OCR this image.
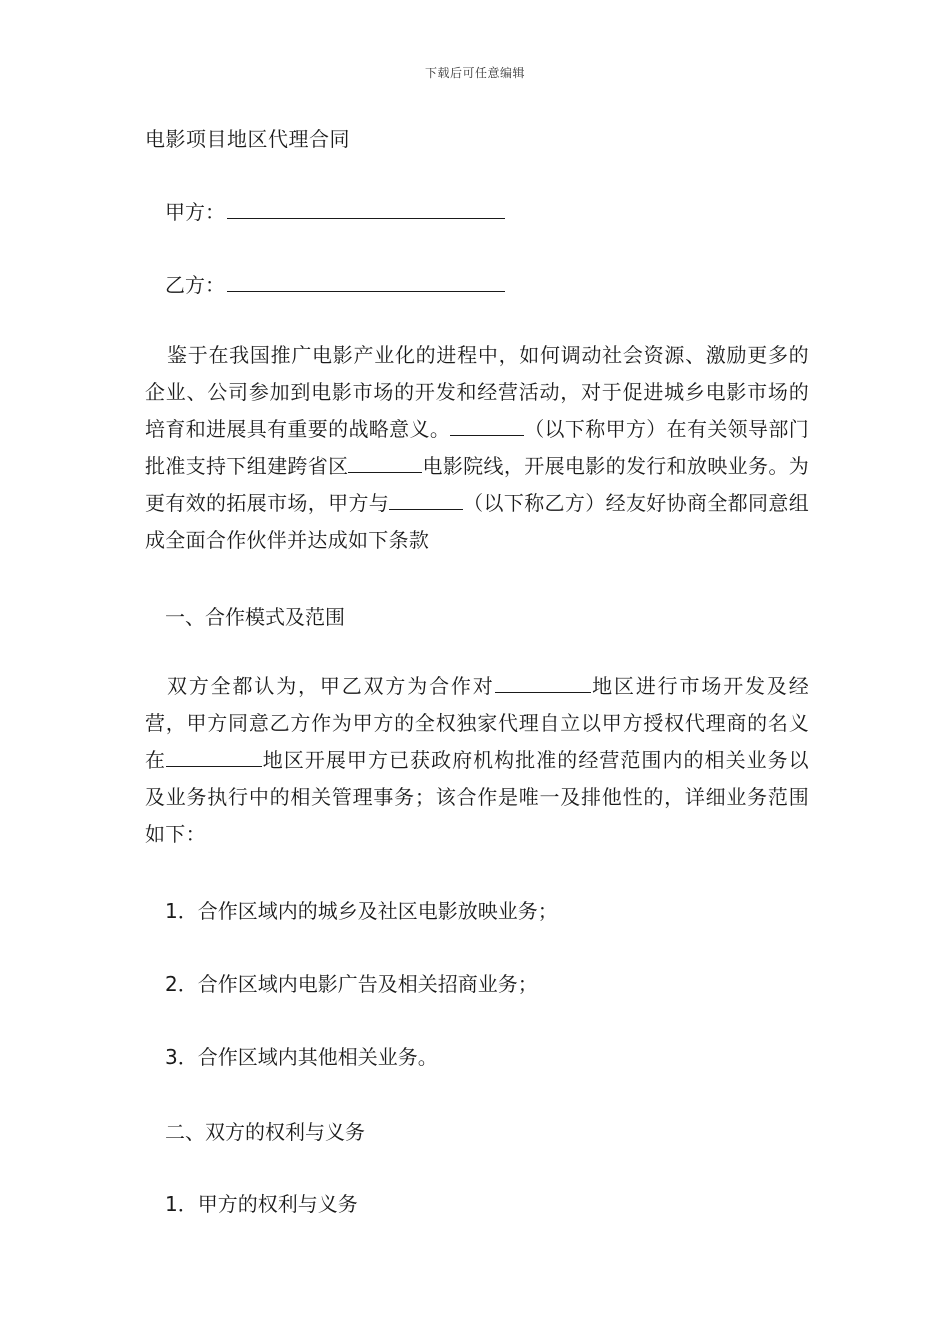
下载后可任意编辑
电影项目地区代理合同
甲方：
乙方：

鉴于在我国推广电影产业化的进程中，如何调动社会资源、激励更多的企业、公司参加到电影市场的开发和经营活动，对于促进城乡电影市场的培育和进展具有重要的战略意义。	（以下称甲方）在有关领导部门批准支持下组建跨省区	电影院线，开展电影的发行和放映业务。为更有效的拓展市场，甲方与	（以下称乙方）经友好协商全都同意组成全面合作伙伴并达成如下条款

一、合作模式及范围

双方全都认为，甲乙双方为合作对	地区进行市场开发及经营，甲方同意乙方作为甲方的全权独家代理自立以甲方授权代理商的名义在	地区开展甲方已获政府机构批准的经营范围内的相关业务以及业务执行中的相关管理事务；该合作是唯一及排他性的，详细业务范围如下：

1．合作区域内的城乡及社区电影放映业务；
2．合作区域内电影广告及相关招商业务；
3．合作区域内其他相关业务。
二、双方的权利与义务
1．甲方的权利与义务
